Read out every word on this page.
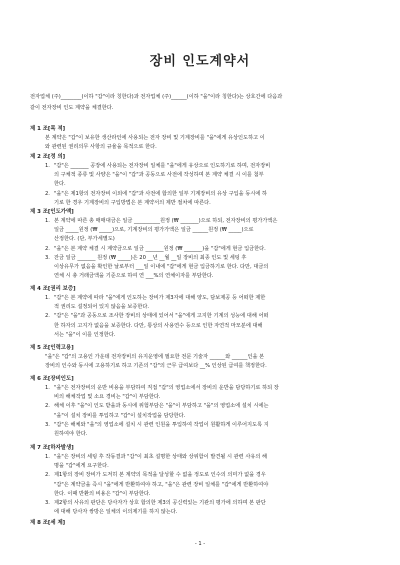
장비 인도계약서
전자업체 (주)________(이하 "갑"이라 칭한다)과 전자업체 (주)______(이하 "을"이라 칭한다)는 상호간에 다음과
같이 전자장비 인도 계약을 체결한다.
제 1 조[목 적]
본 계약은 "갑"이 보유한 생산라인에 사용되는 전자 장비 및 기계장비를 "을"에게 유상인도하고 이
와 관련된 권리의무 사항의 규율을 목적으로 한다.
제 2 조[정 의]
1. "갑"은 _______ 공장에 사용되는 전자장비 일체를 "을"에게 유상으로 인도하기로 하며, 전자장비
의 구체적 종류 및 사양은 "을"이 "갑"과 공동으로 사전에 작성하며 본 계약 체결 시 이를 첨부
한다.
2. "을"은 제1항의 전자장비 이외에 "갑"과 사전에 합의한 일부 기계장비의 유상 구입을 동시에 하
기로 한 경우 기계장비의 구입방법은 본 계약서의 제반 절차에 따른다.
제 3 조[인도가액]
1. 본 계약에 따른 총 매매대금은 일금 __________원정 (₩ _______)으로 하되, 전자장비의 평가가액은
일금 _____원정 (₩ _____)으로, 기계장비의 평가가액은 일금 ______원정 (₩ _____)으로
산정한다. (단, 부가세별도)
2. "을"은 본 계약 체결 시 계약금으로 일금 _______원정 (₩ _______)을 "갑"에게 현금 입금한다.
3. 잔금 일금 _______ 원정 (₩ _____)은 20 __년 __월 __일 장비의 최종 인도 및 세팅 후
이상유무가 없음을 확인한 날로부터 ___일 이내에 "갑"에게 현금 입금하기로 한다. 다만, 대금의
연체 시 총 거래금액을 기준으로 하여 연 ___%의 연체이자를 부담한다.
제 4 조[권리 보증]
1. "갑"은 본 계약에 따라 "을"에게 인도하는 장비가 제3자에 대해 양도, 담보제공 등 어떠한 제한
적 권리도 설정되어 있지 않음을 보증한다.
2. "갑"은 "을"과 공동으로 조사한 장비의 상태에 있어서 "을"에게 고지한 기계의 성능에 대해 어떠
한 하자의 고지가 없음을 보증한다. 다만, 통상의 사용연수 등으로 인한 자연적 마모분에 대해
서는 "을"이 이를 인정한다.
제 5 조[인력고용]
"을"은 "갑"의 고용인 가운데 전자장비의 유지운영에 필요한 전문 기술자 ______와 ______인을 본
장비의 인수와 동시에 고용하기로 하고 기존의 "갑"의 근무 급여보다 __% 인상된 급여를 책정한다.
제 6 조[장비인도]
1. "을"은 전자장비의 운반 비용을 부담하여 직접 "갑"의 영업소에서 장비의 운반을 담당하기로 하되 장
비의 해체작업 및 소요 경비는 "갑"이 부담한다.
2. 해체 이후 "을"이 인도 받을과 동시에 위험부담은 "을"이 부담하고 "을"의 영업소에 설치 시에는
"을"이 설치 장비를 투입하고 "갑"이 설치작업을 담당한다.
3. "갑"은 해체와 "을"의 영업소에 설치 시 관련 인원을 투입하여 작업이 원활하게 이루어지도록 지
원하여야 한다.
제 7 조[하자발생]
1. "을"은 장비의 세팅 후 작동결과 "갑"이 최초 설명한 상태와 상위함이 발견될 시 관련 사유의 해
명을 "갑"에게 요구한다.
2. 제1항의 장비 장비가 도저히 본 계약의 목적을 달성할 수 없을 정도로 인수의 의미가 없을 경우
"갑"은 계약금을 즉시 "을"에게 반환하여야 하고, "을"은 관련 장비 일체를 "갑"에게 반환하여야
한다. 이때 반환의 비용은 "갑"이 부담한다.
3. 제2항의 사유의 판단은 당사자가 상호 합의한 제3의 공신력있는 기관의 평가에 의하며 본 판단
에 대해 당사자 쌍방은 일체의 이의제기를 하지 않는다.
제 8 조[세 제]
- 1 -
